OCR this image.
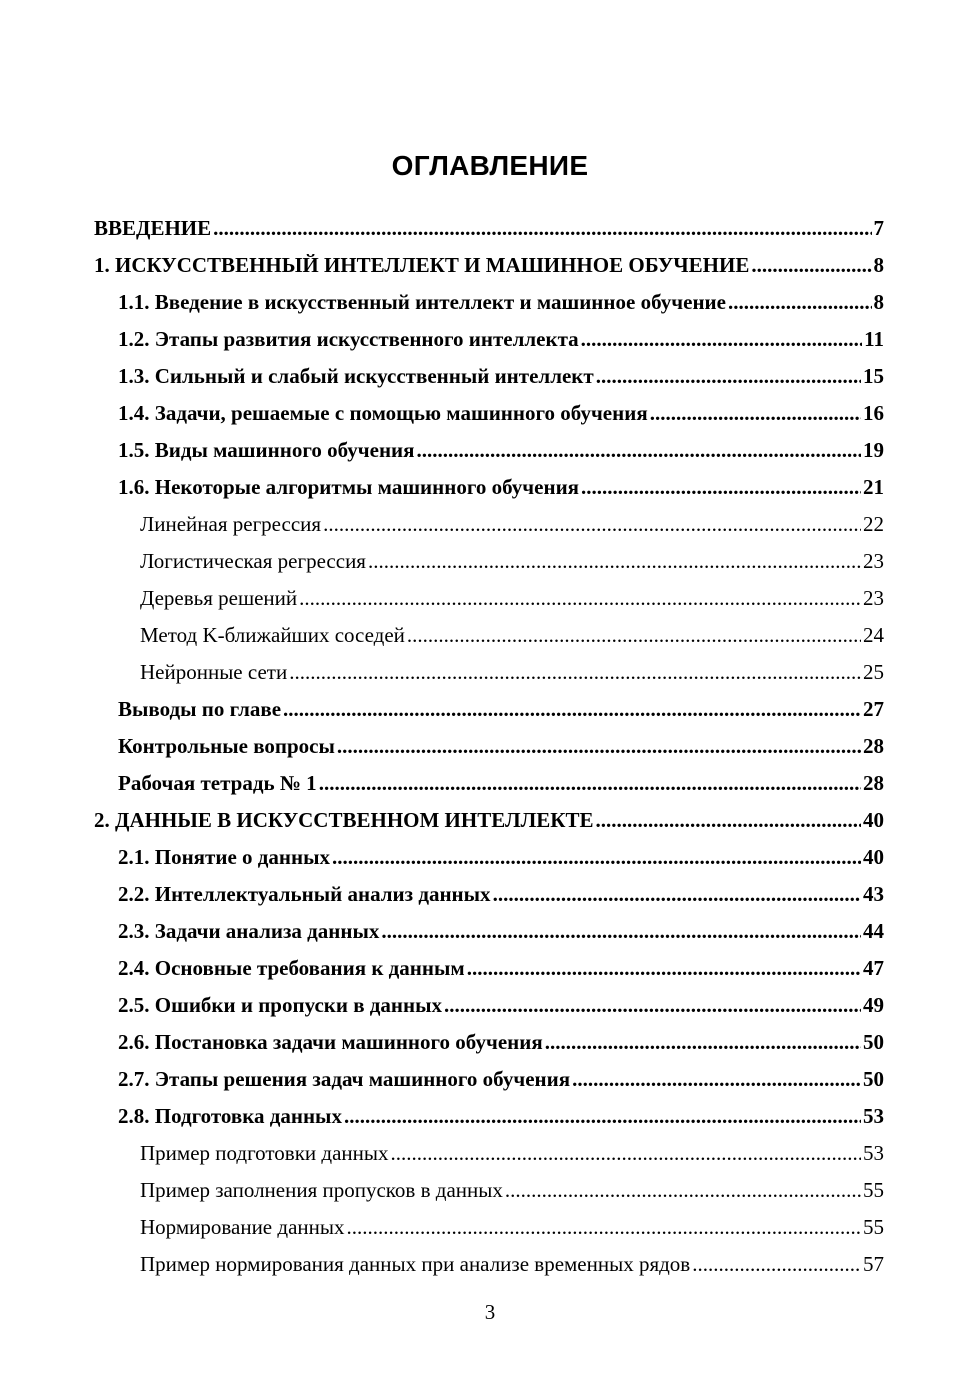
ОГЛАВЛЕНИЕ
ВВЕДЕНИЕ .....	7
1. ИСКУССТВЕННЫЙ ИНТЕЛЛЕКТ И МАШИННОЕ ОБУЧЕНИЕ .....	8
1.1. Введение в искусственный интеллект и машинное обучение .....	8
1.2. Этапы развития искусственного интеллекта .....	11
1.3. Сильный и слабый искусственный интеллект .....	15
1.4. Задачи, решаемые с помощью машинного обучения .....	16
1.5. Виды машинного обучения .....	19
1.6. Некоторые алгоритмы машинного обучения .....	21
Линейная регрессия .....	22
Логистическая регрессия .....	23
Деревья решений .....	23
Метод K-ближайших соседей .....	24
Нейронные сети .....	25
Выводы по главе .....	27
Контрольные вопросы .....	28
Рабочая тетрадь № 1 .....	28
2. ДАННЫЕ В ИСКУССТВЕННОМ ИНТЕЛЛЕКТЕ .....	40
2.1. Понятие о данных .....	40
2.2. Интеллектуальный анализ данных .....	43
2.3. Задачи анализа данных .....	44
2.4. Основные требования к данным .....	47
2.5. Ошибки и пропуски в данных .....	49
2.6. Постановка задачи машинного обучения .....	50
2.7. Этапы решения задач машинного обучения .....	50
2.8. Подготовка данных .....	53
Пример подготовки данных .....	53
Пример заполнения пропусков в данных .....	55
Нормирование данных .....	55
Пример нормирования данных при анализе временных рядов .....	57
3
